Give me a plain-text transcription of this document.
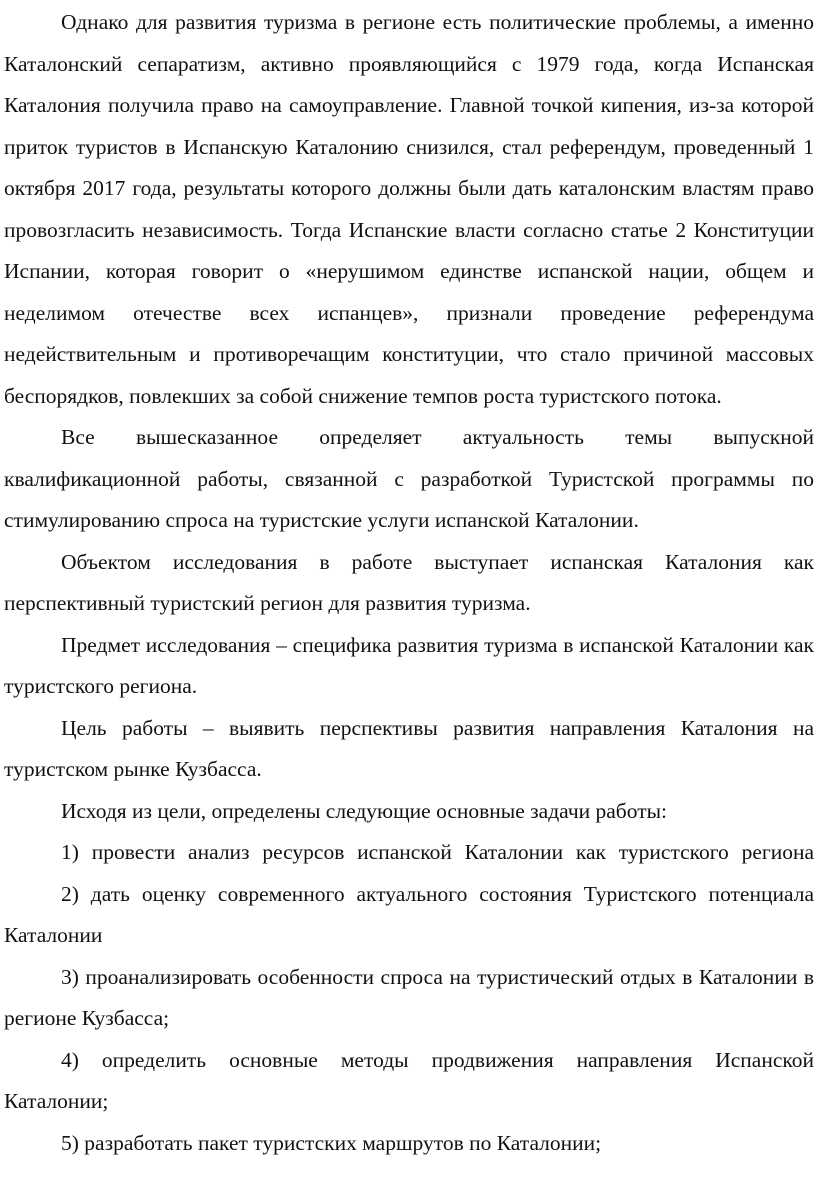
Однако для развития туризма в регионе есть политические проблемы, а именно Каталонский сепаратизм, активно проявляющийся с 1979 года, когда Испанская Каталония получила право на самоуправление. Главной точкой кипения, из-за которой приток туристов в Испанскую Каталонию снизился, стал референдум, проведенный 1 октября 2017 года, результаты которого должны были дать каталонским властям право провозгласить независимость. Тогда Испанские власти согласно статье 2 Конституции Испании, которая говорит о «нерушимом единстве испанской нации, общем и неделимом отечестве всех испанцев», признали проведение референдума недействительным и противоречащим конституции, что стало причиной массовых беспорядков, повлекших за собой снижение темпов роста туристского потока.

Все вышесказанное определяет актуальность темы выпускной квалификационной работы, связанной с разработкой Туристской программы по стимулированию спроса на туристские услуги испанской Каталонии.

Объектом исследования в работе выступает испанская Каталония как перспективный туристский регион для развития туризма.

Предмет исследования – специфика развития туризма в испанской Каталонии как туристского региона.

Цель работы – выявить перспективы развития направления Каталония на туристском рынке Кузбасса.

Исходя из цели, определены следующие основные задачи работы:

1) провести анализ ресурсов испанской Каталонии как туристского региона

2) дать оценку современного актуального состояния Туристского потенциала Каталонии

3) проанализировать особенности спроса на туристический отдых в Каталонии в регионе Кузбасса;

4) определить основные методы продвижения направления Испанской Каталонии;

5) разработать пакет туристских маршрутов по Каталонии;
